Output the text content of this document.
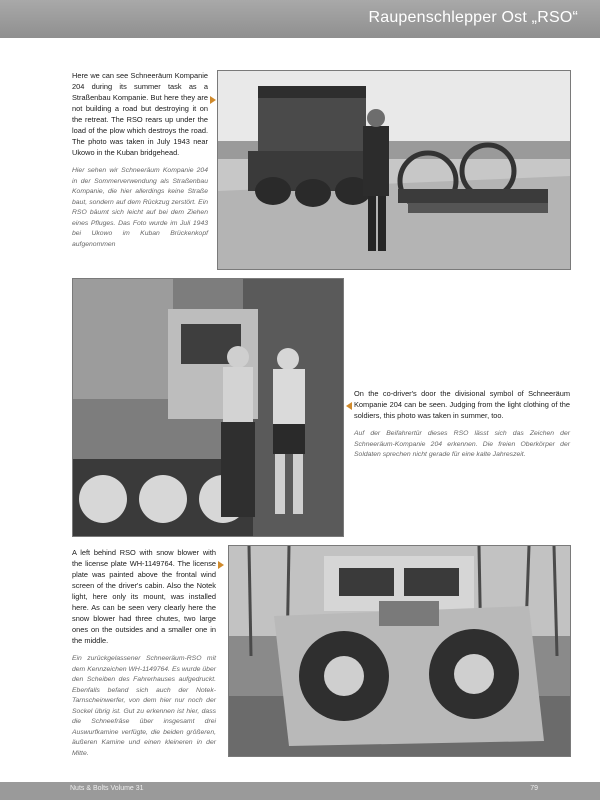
Raupenschlepper Ost „RSO“

Here we can see Schneeräum Kompanie 204 during its summer task as a Straßenbau Kompanie. But here they are not building a road but destroying it on the retreat. The RSO rears up under the load of the plow which destroys the road. The photo was taken in July 1943 near Ukowo in the Kuban bridgehead.

Hier sehen wir Schneeräum Kompanie 204 in der Sommerverwendung als Straßenbau Kompanie, die hier allerdings keine Straße baut, sondern auf dem Rückzug zerstört. Ein RSO bäumt sich leicht auf bei dem Ziehen eines Pfluges. Das Foto wurde im Juli 1943 bei Ukowo im Kuban Brückenkopf aufgenommen

On the co-driver's door the divisional symbol of Schneeräum Kompanie 204 can be seen. Judging from the light clothing of the soldiers, this photo was taken in summer, too.

Auf der Beifahrertür dieses RSO lässt sich das Zeichen der Schneeräum-Kompanie 204 erkennen. Die freien Oberkörper der Soldaten sprechen nicht gerade für eine kalte Jahreszeit.

A left behind RSO with snow blower with the license plate WH-1149764. The license plate was painted above the frontal wind screen of the driver's cabin. Also the Notek light, here only its mount, was installed here. As can be seen very clearly here the snow blower had three chutes, two large ones on the outsides and a smaller one in the middle.

Ein zurückgelassener Schneeräum-RSO mit dem Kennzeichen WH-1149764. Es wurde über den Scheiben des Fahrerhauses aufgedruckt. Ebenfalls befand sich auch der Notek-Tarnscheinwerfer, von dem hier nur noch der Sockel übrig ist. Gut zu erkennen ist hier, dass die Schneefräse über insgesamt drei Auswurfkamine verfügte, die beiden größeren, äußeren Kamine und einen kleineren in der Mitte.

Nuts & Bolts Volume 31	79
